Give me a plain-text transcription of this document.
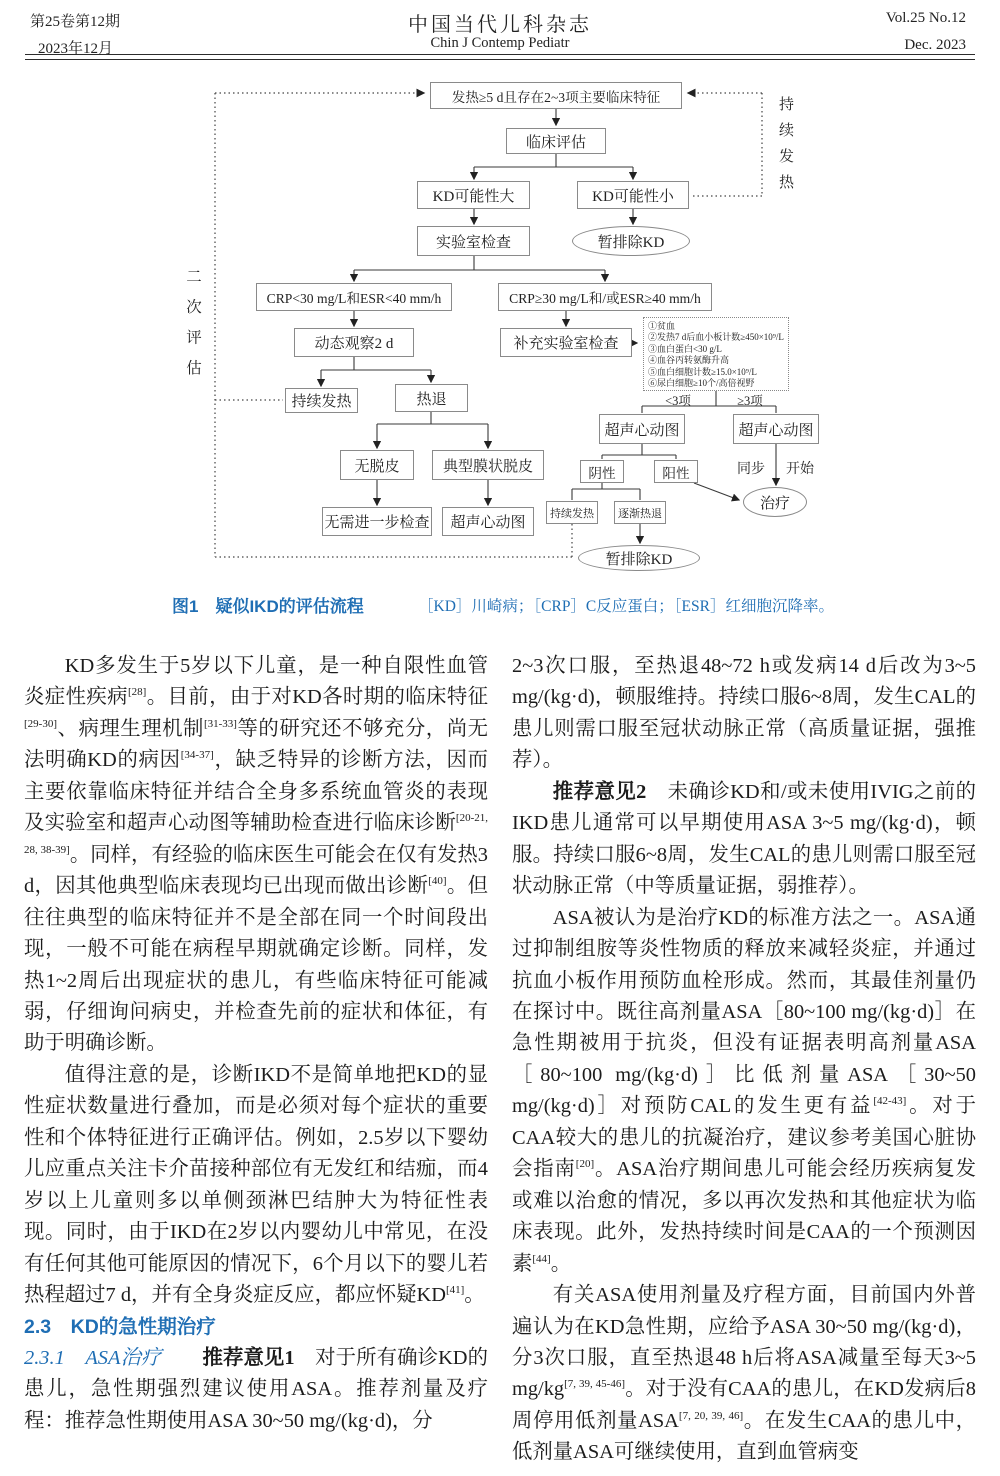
第25卷第12期
2023年12月
中国当代儿科杂志
Chin J Contemp Pediatr
Vol.25 No.12
Dec. 2023
发热≥5 d且存在2~3项主要临床特征
临床评估
KD可能性大	KD可能性小
实验室检查	暂排除KD
CRP<30 mg/L和ESR<40 mm/h	CRP≥30 mg/L和/或ESR≥40 mm/h
动态观察2 d	补充实验室检查
①贫血
②发热7 d后血小板计数≥450×10⁹/L
③血白蛋白<30 g/L
④血谷丙转氨酶升高
⑤血白细胞计数≥15.0×10⁹/L
⑥尿白细胞≥10个/高倍视野
持续发热	热退	<3项	≥3项
超声心动图	超声心动图
无脱皮	典型膜状脱皮	阴性	阳性	同步 开始
无需进一步检查	超声心动图
持续发热	逐渐热退
治疗
暂排除KD
二次评估
持续发热
图1　疑似IKD的评估流程	［KD］川崎病；［CRP］C反应蛋白；［ESR］红细胞沉降率。

KD多发生于5岁以下儿童，是一种自限性血管炎症性疾病[28]。目前，由于对KD各时期的临床特征[29-30]、病理生理机制[31-33]等的研究还不够充分，尚无法明确KD的病因[34-37]，缺乏特异的诊断方法，因而主要依靠临床特征并结合全身多系统血管炎的表现及实验室和超声心动图等辅助检查进行临床诊断[20-21, 28, 38-39]。同样，有经验的临床医生可能会在仅有发热3 d，因其他典型临床表现均已出现而做出诊断[40]。但往往典型的临床特征并不是全部在同一个时间段出现，一般不可能在病程早期就确定诊断。同样，发热1~2周后出现症状的患儿，有些临床特征可能减弱，仔细询问病史，并检查先前的症状和体征，有助于明确诊断。

值得注意的是，诊断IKD不是简单地把KD的显性症状数量进行叠加，而是必须对每个症状的重要性和个体特征进行正确评估。例如，2.5岁以下婴幼儿应重点关注卡介苗接种部位有无发红和结痂，而4岁以上儿童则多以单侧颈淋巴结肿大为特征性表现。同时，由于IKD在2岁以内婴幼儿中常见，在没有任何其他可能原因的情况下，6个月以下的婴儿若热程超过7 d，并有全身炎症反应，都应怀疑KD[41]。

2.3　KD的急性期治疗

2.3.1　ASA治疗　　 推荐意见1　对于所有确诊KD的患儿，急性期强烈建议使用ASA。推荐剂量及疗程：推荐急性期使用ASA 30~50 mg/(kg·d)，分

2~3次口服，至热退48~72 h或发病14 d后改为3~5 mg/(kg·d)，顿服维持。持续口服6~8周，发生CAL的患儿则需口服至冠状动脉正常（高质量证据，强推荐）。

推荐意见2　未确诊KD和/或未使用IVIG之前的IKD患儿通常可以早期使用ASA 3~5 mg/(kg·d)，顿服。持续口服6~8周，发生CAL的患儿则需口服至冠状动脉正常（中等质量证据，弱推荐）。

ASA被认为是治疗KD的标准方法之一。ASA通过抑制组胺等炎性物质的释放来减轻炎症，并通过抗血小板作用预防血栓形成。然而，其最佳剂量仍在探讨中。既往高剂量ASA［80~100 mg/(kg·d)］在急性期被用于抗炎，但没有证据表明高剂量ASA［80~100 mg/(kg·d)］比低剂量ASA［30~50 mg/(kg·d)］对预防CAL的发生更有益[42-43]。对于CAA较大的患儿的抗凝治疗，建议参考美国心脏协会指南[20]。ASA治疗期间患儿可能会经历疾病复发或难以治愈的情况，多以再次发热和其他症状为临床表现。此外，发热持续时间是CAA的一个预测因素[44]。

有关ASA使用剂量及疗程方面，目前国内外普遍认为在KD急性期，应给予ASA 30~50 mg/(kg·d)，分3次口服，直至热退48 h后将ASA减量至每天3~5 mg/kg[7, 39, 45-46]。对于没有CAA的患儿，在KD发病后8周停用低剂量ASA[7, 20, 39, 46]。在发生CAA的患儿中，低剂量ASA可继续使用，直到血管病变
